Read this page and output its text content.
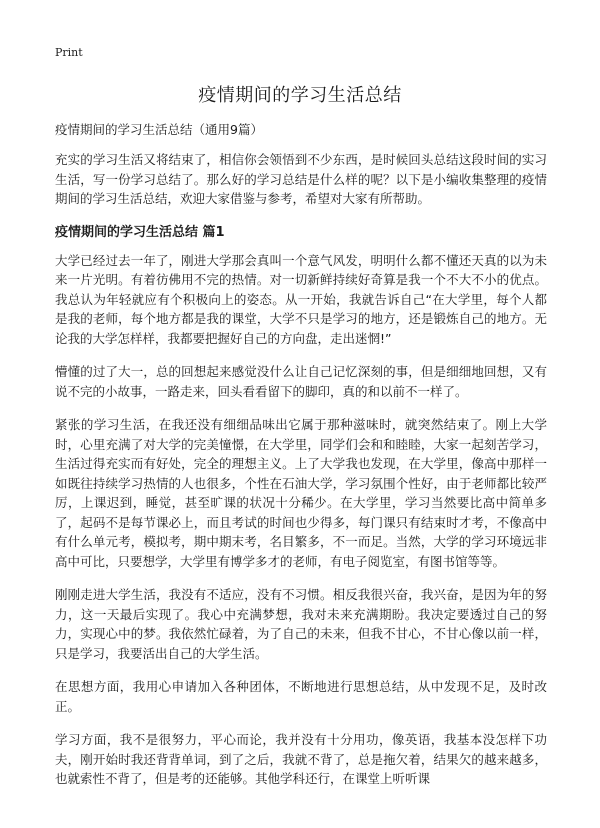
Print
疫情期间的学习生活总结

疫情期间的学习生活总结（通用9篇）

充实的学习生活又将结束了，相信你会领悟到不少东西，是时候回头总结这段时间的实习生活，写一份学习总结了。那么好的学习总结是什么样的呢？以下是小编收集整理的疫情期间的学习生活总结，欢迎大家借鉴与参考，希望对大家有所帮助。

疫情期间的学习生活总结 篇1

大学已经过去一年了，刚进大学那会真叫一个意气风发，明明什么都不懂还天真的以为未来一片光明。有着彷佛用不完的热情。对一切新鲜持续好奇算是我一个不大不小的优点。我总认为年轻就应有个积极向上的姿态。从一开始，我就告诉自己“在大学里，每个人都是我的老师，每个地方都是我的课堂，大学不只是学习的地方，还是锻炼自己的地方。无论我的大学怎样样，我都要把握好自己的方向盘，走出迷惘!”

懵懂的过了大一，总的回想起来感觉没什么让自己记忆深刻的事，但是细细地回想，又有说不完的小故事，一路走来，回头看看留下的脚印，真的和以前不一样了。

紧张的学习生活，在我还没有细细品味出它属于那种滋味时，就突然结束了。刚上大学时，心里充满了对大学的完美憧憬，在大学里，同学们会和和睦睦，大家一起刻苦学习，生活过得充实而有好处，完全的理想主义。上了大学我也发现，在大学里，像高中那样一如既往持续学习热情的人也很多，个性在石油大学，学习氛围个性好，由于老师都比较严厉，上课迟到，睡觉，甚至旷课的状况十分稀少。在大学里，学习当然要比高中简单多了，起码不是每节课必上，而且考试的时间也少得多，每门课只有结束时才考，不像高中有什么单元考，模拟考，期中期末考，名目繁多，不一而足。当然，大学的学习环境远非高中可比，只要想学，大学里有博学多才的老师，有电子阅览室，有图书馆等等。

刚刚走进大学生活，我没有不适应，没有不习惯。相反我很兴奋，我兴奋，是因为年的努力，这一天最后实现了。我心中充满梦想，我对未来充满期盼。我决定要透过自己的努力，实现心中的梦。我依然忙碌着，为了自己的未来，但我不甘心，不甘心像以前一样，只是学习，我要活出自己的大学生活。

在思想方面，我用心申请加入各种团体，不断地进行思想总结，从中发现不足，及时改正。

学习方面，我不是很努力，平心而论，我并没有十分用功，像英语，我基本没怎样下功夫，刚开始时我还背背单词，到了之后，我就不背了，总是拖欠着，结果欠的越来越多，也就索性不背了，但是考的还能够。其他学科还行，在课堂上听听课
